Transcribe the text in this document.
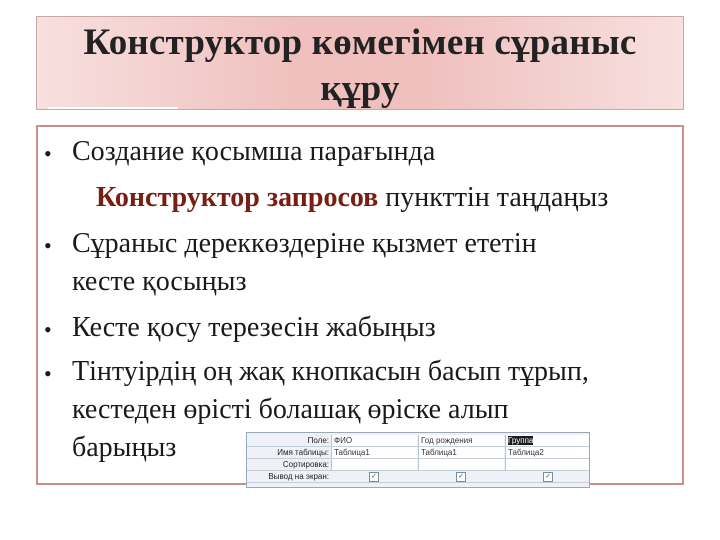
Конструктор көмегімен сұраныс
құру
• Создание қосымша парағында
Конструктор запросов пункттін таңдаңыз
• Сұраныс дереккөздеріне қызмет ететін
кесте қосыңыз
• Кесте қосу терезесін жабыңыз
• Тінтуірдің оң жақ кнопкасын басып тұрып,
кестеден өрісті болашақ өріске алып
барыңыз	Поле: ФИО	Год рождения	Группа
Имя таблицы: Таблица1	Таблица1	Таблица2
Сортировка:
Вывод на экран:	✓	✓	✓
